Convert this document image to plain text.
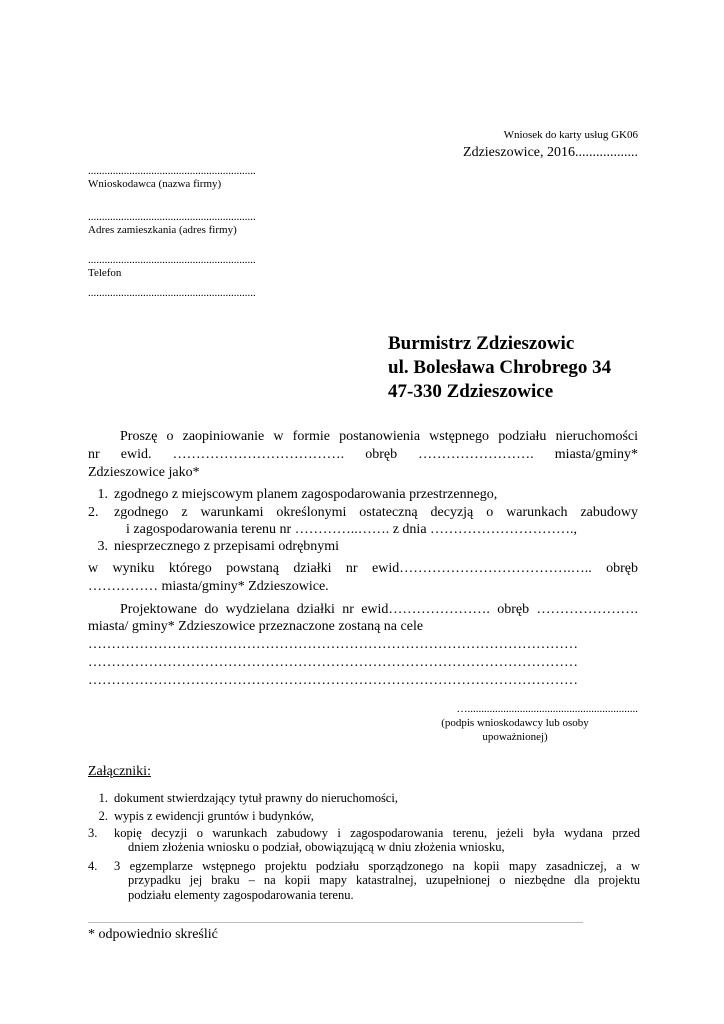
Wniosek do karty usług GK06
Zdzieszowice, 2016..................
.............................................................
Wnioskodawca (nazwa firmy)
.............................................................
Adres zamieszkania (adres firmy)
.............................................................
Telefon
.............................................................
Burmistrz Zdzieszowic
ul. Bolesława Chrobrego 34
47-330 Zdzieszowice
Proszę o zaopiniowanie w formie postanowienia wstępnego podziału nieruchomości
nr ewid. ………………………………. obręb ……………………. miasta/gminy*
Zdzieszowice jako*
1. zgodnego z miejscowym planem zagospodarowania przestrzennego,
2. zgodnego z warunkami określonymi ostateczną decyzją o warunkach zabudowy
i zagospodarowania terenu nr …………..……. z dnia ………………………….,
3. niesprzecznego z przepisami odrębnymi
w wyniku którego powstaną działki nr ewid……………………………….….. obręb
…………… miasta/gminy* Zdzieszowice.
Projektowane do wydzielana działki nr ewid…………………. obręb ………………….
miasta/ gminy* Zdzieszowice przeznaczone zostaną na cele
……………………………………………………………………………………………
……………………………………………………………………………………………
……………………………………………………………………………………………
…..............................................................
(podpis wnioskodawcy lub osoby
upoważnionej)
Załączniki:
1. dokument stwierdzający tytuł prawny do nieruchomości,
2. wypis z ewidencji gruntów i budynków,
3. kopię decyzji o warunkach zabudowy i zagospodarowania terenu, jeżeli była wydana przed
dniem złożenia wniosku o podział, obowiązującą w dniu złożenia wniosku,
4. 3 egzemplarze wstępnego projektu podziału sporządzonego na kopii mapy zasadniczej, a w
przypadku jej braku – na kopii mapy katastralnej, uzupełnionej o niezbędne dla projektu
podziału elementy zagospodarowania terenu.
* odpowiednio skreślić
